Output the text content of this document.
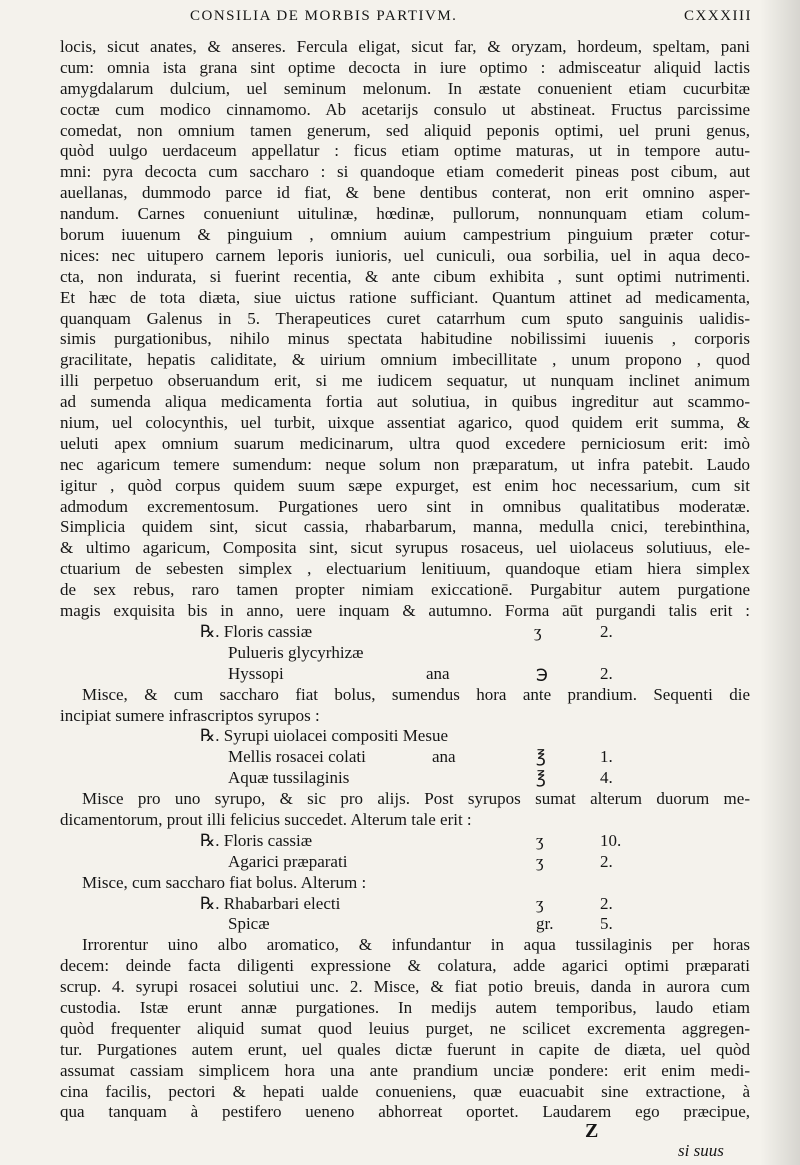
CONSILIA DE MORBIS PARTIVM.	CXXXIII
locis, sicut anates, & anseres. Fercula eligat, sicut far, & oryzam, hordeum, speltam, pani
cum: omnia ista grana sint optime decocta in iure optimo : admisceatur aliquid lactis
amygdalarum dulcium, uel seminum melonum. In æstate conuenient etiam cucurbitæ
coctæ cum modico cinnamomo. Ab acetarijs consulo ut abstineat. Fructus parcissime
comedat, non omnium tamen generum, sed aliquid peponis optimi, uel pruni genus,
quòd uulgo uerdaceum appellatur : ficus etiam optime maturas, ut in tempore autu-
mni: pyra decocta cum saccharo : si quandoque etiam comederit pineas post cibum, aut
auellanas, dummodo parce id fiat, & bene dentibus conterat, non erit omnino asper-
nandum. Carnes conueniunt uitulinæ, hœdinæ, pullorum, nonnunquam etiam colum-
borum iuuenum & pinguium , omnium auium campestrium pinguium præter cotur-
nices: nec uitupero carnem leporis iunioris, uel cuniculi, oua sorbilia, uel in aqua deco-
cta, non indurata, si fuerint recentia, & ante cibum exhibita , sunt optimi nutrimenti.
Et hæc de tota diæta, siue uictus ratione sufficiant. Quantum attinet ad medicamenta,
quanquam Galenus in 5. Therapeutices curet catarrhum cum sputo sanguinis ualidis-
simis purgationibus, nihilo minus spectata habitudine nobilissimi iuuenis , corporis
gracilitate, hepatis caliditate, & uirium omnium imbecillitate , unum propono , quod
illi perpetuo obseruandum erit, si me iudicem sequatur, ut nunquam inclinet animum
ad sumenda aliqua medicamenta fortia aut solutiua, in quibus ingreditur aut scammo-
nium, uel colocynthis, uel turbit, uixque assentiat agarico, quod quidem erit summa, &
ueluti apex omnium suarum medicinarum, ultra quod excedere perniciosum erit: imò
nec agaricum temere sumendum: neque solum non præparatum, ut infra patebit. Laudo
igitur , quòd corpus quidem suum sæpe expurget, est enim hoc necessarium, cum sit
admodum excrementosum. Purgationes uero sint in omnibus qualitatibus moderatæ.
Simplicia quidem sint, sicut cassia, rhabarbarum, manna, medulla cnici, terebinthina,
& ultimo agaricum, Composita sint, sicut syrupus rosaceus, uel uiolaceus solutiuus, ele-
ctuarium de sebesten simplex , electuarium lenitiuum, quandoque etiam hiera simplex
de sex rebus, raro tamen propter nimiam exiccationē. Purgabitur autem purgatione
magis exquisita bis in anno, uere inquam & autumno. Forma aūt purgandi talis erit :
℞. Floris cassiæ	ʒ	2.
Pulueris glycyrhizæ
Hyssopi	ana	℈	2.
Misce, & cum saccharo fiat bolus, sumendus hora ante prandium. Sequenti die
incipiat sumere infrascriptos syrupos :
℞. Syrupi uiolacei compositi Mesue
Mellis rosacei colati	ana	℥	1.
Aquæ tussilaginis	℥	4.
Misce pro uno syrupo, & sic pro alijs. Post syrupos sumat alterum duorum me-
dicamentorum, prout illi felicius succedet. Alterum tale erit :
℞. Floris cassiæ	ʒ	10.
Agarici præparati	ʒ	2.
Misce, cum saccharo fiat bolus. Alterum :
℞. Rhabarbari electi	ʒ	2.
Spicæ	gr.	5.
Irrorentur uino albo aromatico, & infundantur in aqua tussilaginis per horas
decem: deinde facta diligenti expressione & colatura, adde agarici optimi præparati
scrup. 4. syrupi rosacei solutiui unc. 2. Misce, & fiat potio breuis, danda in aurora cum
custodia. Istæ erunt annæ purgationes. In medijs autem temporibus, laudo etiam
quòd frequenter aliquid sumat quod leuius purget, ne scilicet excrementa aggregen-
tur. Purgationes autem erunt, uel quales dictæ fuerunt in capite de diæta, uel quòd
assumat cassiam simplicem hora una ante prandium unciæ pondere: erit enim medi-
cina facilis, pectori & hepati ualde conueniens, quæ euacuabit sine extractione, à
qua tanquam à pestifero ueneno abhorreat oportet. Laudarem ego præcipue,
Z
si suus
